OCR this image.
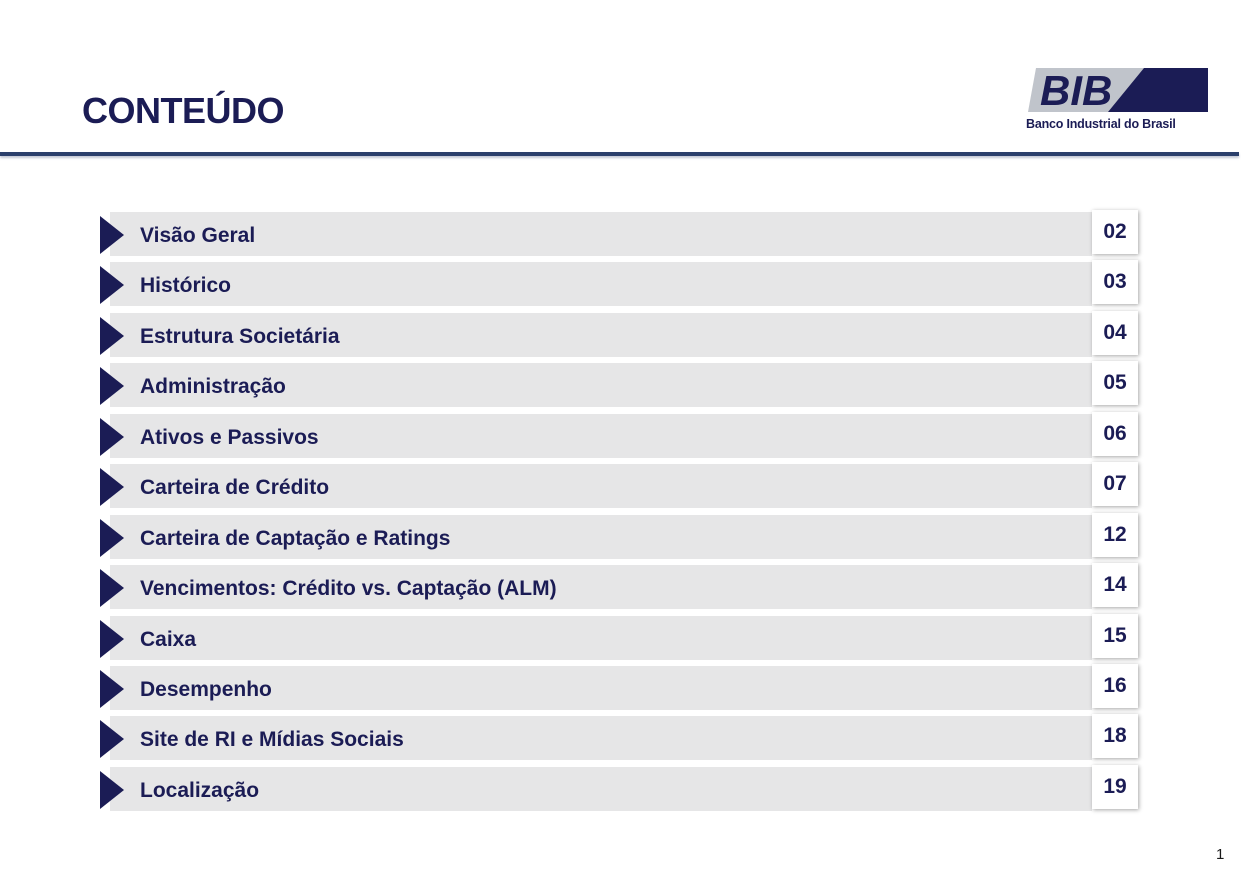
CONTEÚDO	BIB
Banco Industrial do Brasil
Visão Geral	02
Histórico	03
Estrutura Societária	04
Administração	05
Ativos e Passivos	06
Carteira de Crédito	07
Carteira de Captação e Ratings	12
Vencimentos: Crédito vs. Captação (ALM)	14
Caixa	15
Desempenho	16
Site de RI e Mídias Sociais	18
Localização	19
1
